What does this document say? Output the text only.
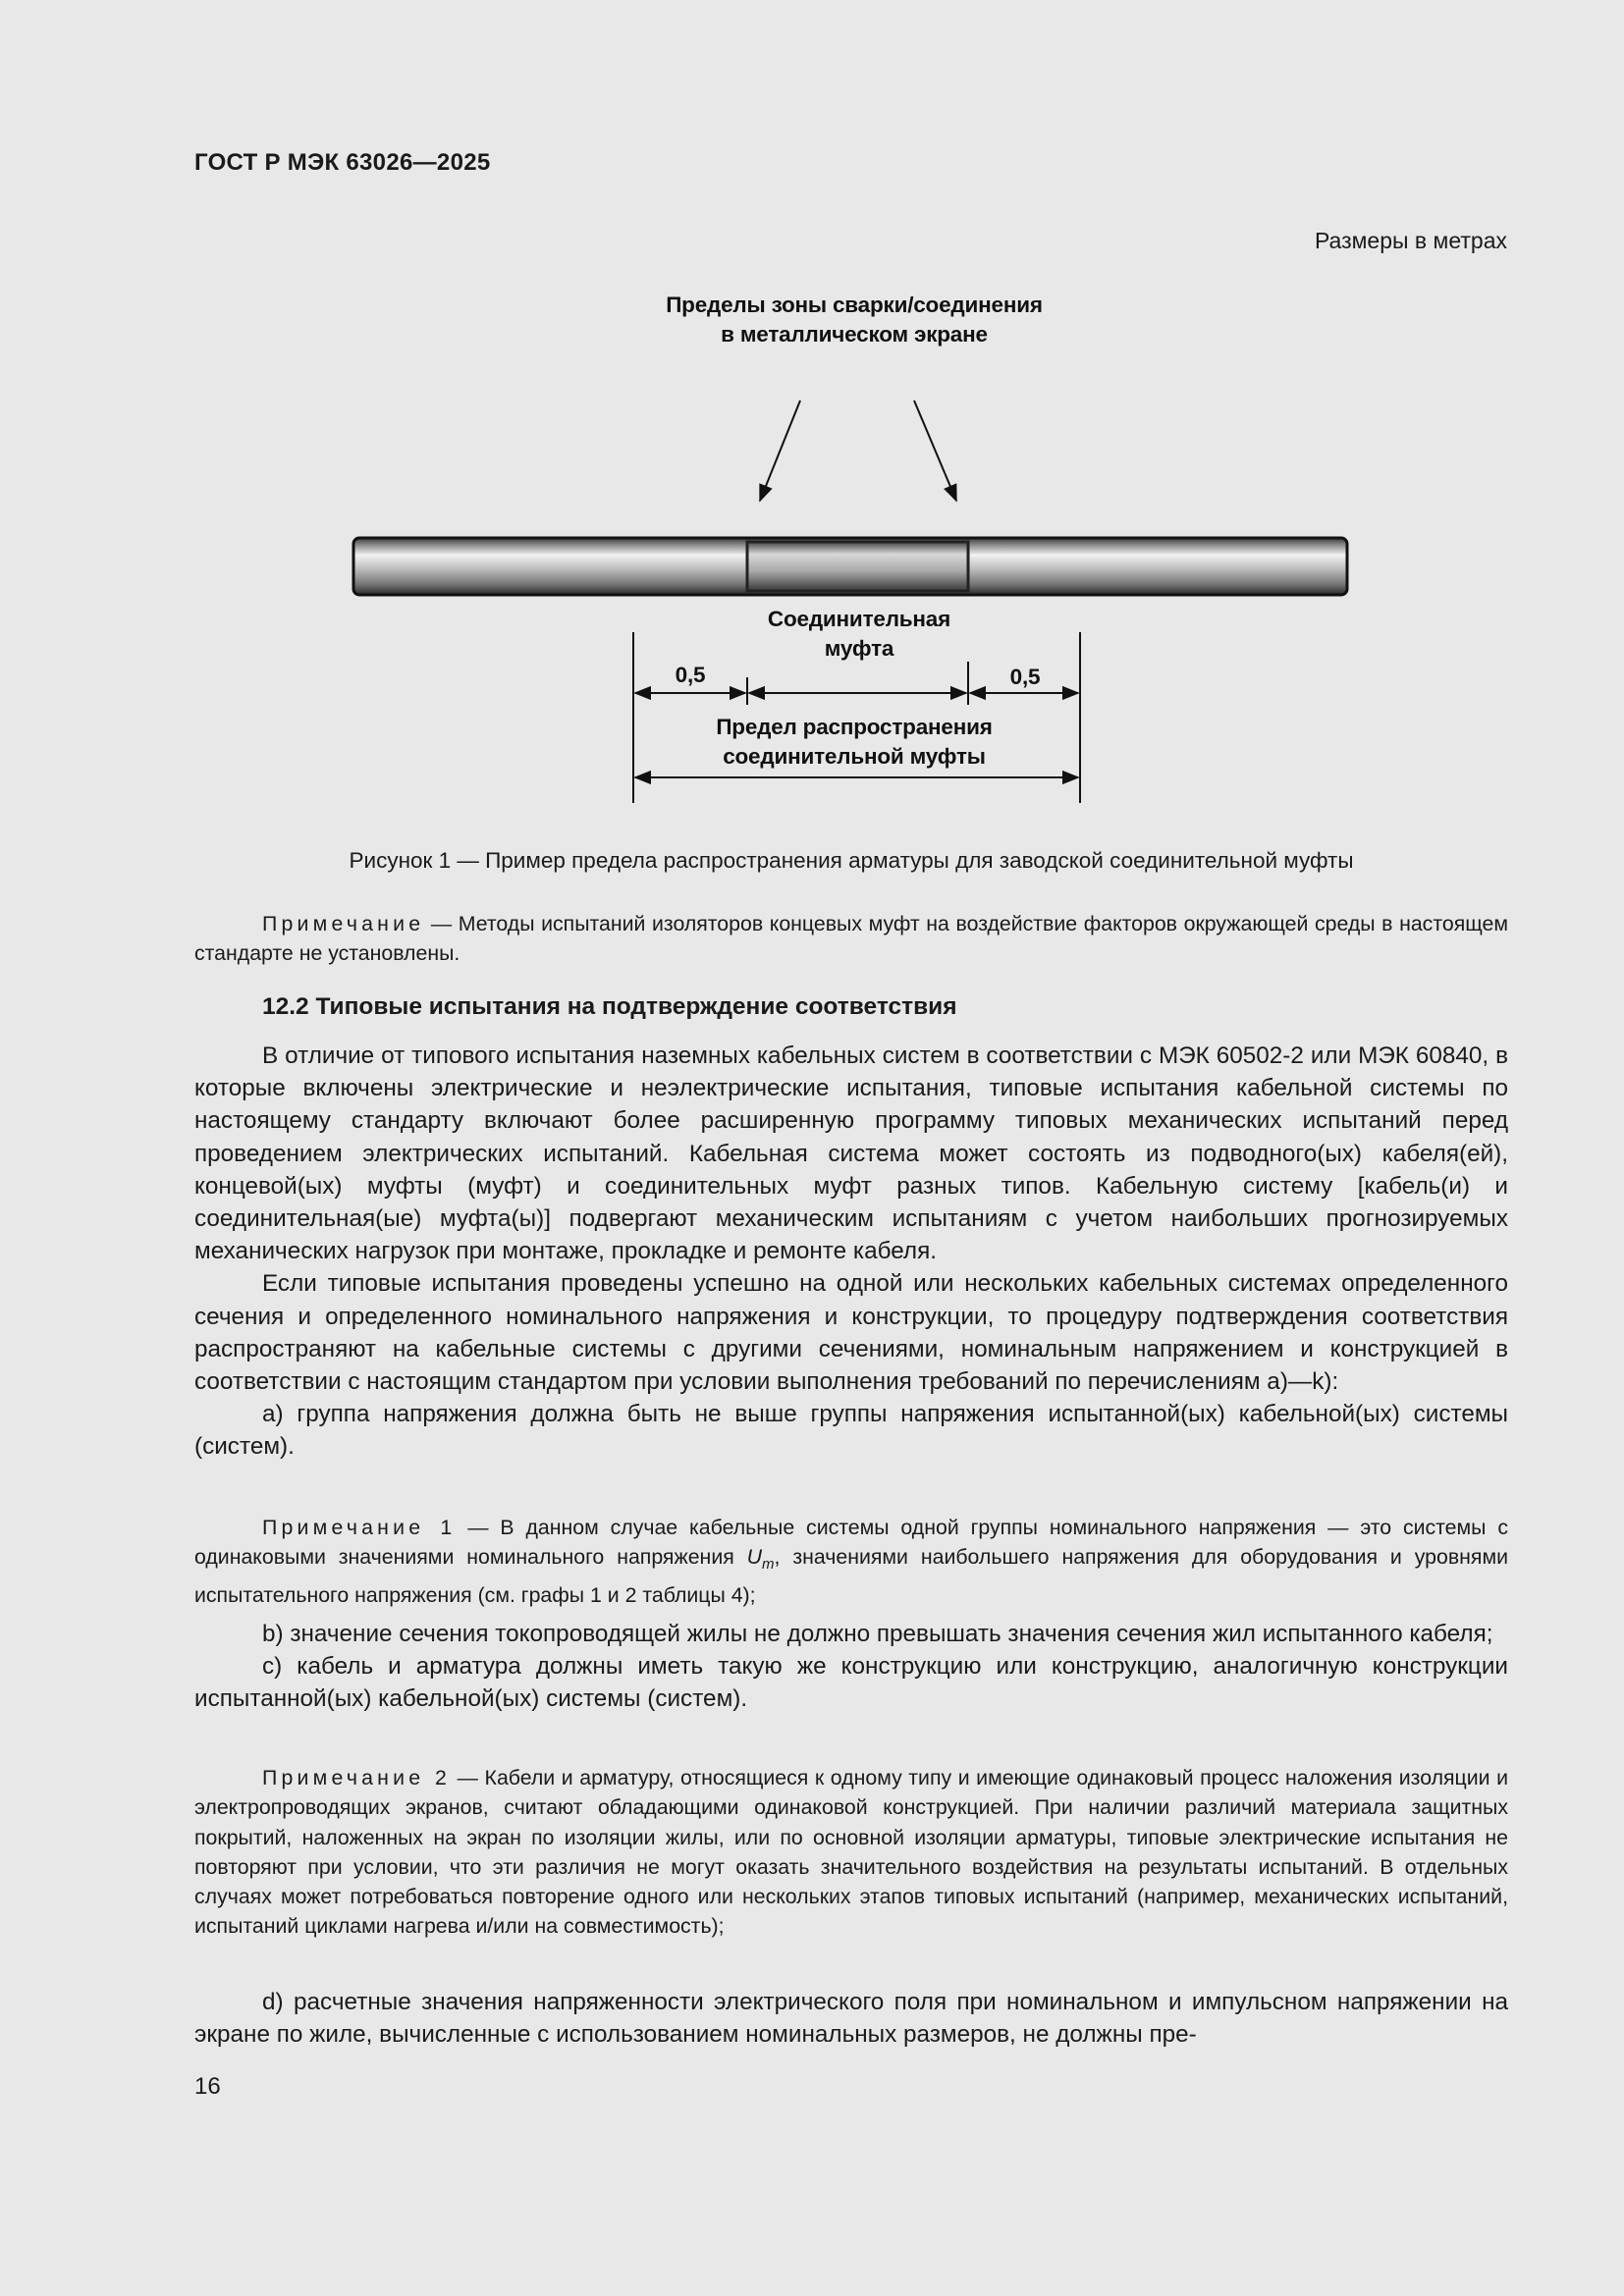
ГОСТ Р МЭК 63026—2025
Размеры в метрах
Пределы зоны сварки/соединения
в металлическом экране
Соединительная
муфта
0,5	0,5
Предел распространения
соединительной муфты
Рисунок 1 — Пример предела распространения арматуры для заводской соединительной муфты

Примечание — Методы испытаний изоляторов концевых муфт на воздействие факторов окружающей среды в настоящем стандарте не установлены.

12.2 Типовые испытания на подтверждение соответствия

В отличие от типового испытания наземных кабельных систем в соответствии с МЭК 60502-2 или МЭК 60840, в которые включены электрические и неэлектрические испытания, типовые испытания кабельной системы по настоящему стандарту включают более расширенную программу типовых механических испытаний перед проведением электрических испытаний. Кабельная система может состоять из подводного(ых) кабеля(ей), концевой(ых) муфты (муфт) и соединительных муфт разных типов. Кабельную систему [кабель(и) и соединительная(ые) муфта(ы)] подвергают механическим испытаниям с учетом наибольших прогнозируемых механических нагрузок при монтаже, прокладке и ремонте кабеля.

Если типовые испытания проведены успешно на одной или нескольких кабельных системах определенного сечения и определенного номинального напряжения и конструкции, то процедуру подтверждения соответствия распространяют на кабельные системы с другими сечениями, номинальным напряжением и конструкцией в соответствии с настоящим стандартом при условии выполнения требований по перечислениям a)—k):

a) группа напряжения должна быть не выше группы напряжения испытанной(ых) кабельной(ых) системы (систем).

Примечание 1 — В данном случае кабельные системы одной группы номинального напряжения — это системы с одинаковыми значениями номинального напряжения $U_m$, значениями наибольшего напряжения для оборудования и уровнями испытательного напряжения (см. графы 1 и 2 таблицы 4);

b) значение сечения токопроводящей жилы не должно превышать значения сечения жил испытанного кабеля;

c) кабель и арматура должны иметь такую же конструкцию или конструкцию, аналогичную конструкции испытанной(ых) кабельной(ых) системы (систем).

Примечание 2 — Кабели и арматуру, относящиеся к одному типу и имеющие одинаковый процесс наложения изоляции и электропроводящих экранов, считают обладающими одинаковой конструкцией. При наличии различий материала защитных покрытий, наложенных на экран по изоляции жилы, или по основной изоляции арматуры, типовые электрические испытания не повторяют при условии, что эти различия не могут оказать значительного воздействия на результаты испытаний. В отдельных случаях может потребоваться повторение одного или нескольких этапов типовых испытаний (например, механических испытаний, испытаний циклами нагрева и/или на совместимость);

d) расчетные значения напряженности электрического поля при номинальном и импульсном напряжении на экране по жиле, вычисленные с использованием номинальных размеров, не должны пре-

16
